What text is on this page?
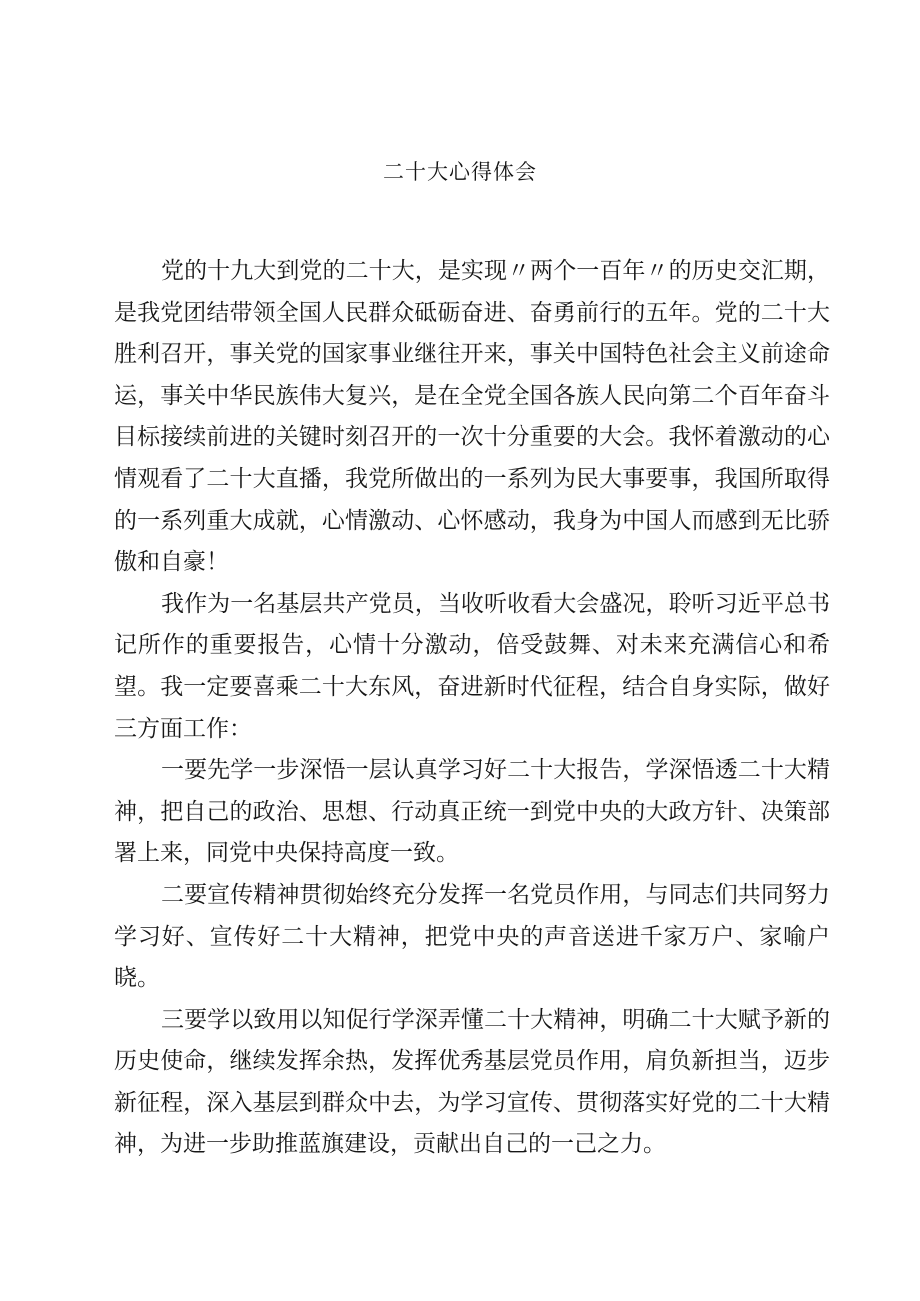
二十大心得体会

党的十九大到党的二十大，是实现〃两个一百年〃的历史交汇期，是我党团结带领全国人民群众砥砺奋进、奋勇前行的五年。党的二十大胜利召开，事关党的国家事业继往开来，事关中国特色社会主义前途命运，事关中华民族伟大复兴，是在全党全国各族人民向第二个百年奋斗目标接续前进的关键时刻召开的一次十分重要的大会。我怀着激动的心情观看了二十大直播，我党所做出的一系列为民大事要事，我国所取得的一系列重大成就，心情激动、心怀感动，我身为中国人而感到无比骄傲和自豪！

我作为一名基层共产党员，当收听收看大会盛况，聆听习近平总书记所作的重要报告，心情十分激动，倍受鼓舞、对未来充满信心和希望。我一定要喜乘二十大东风，奋进新时代征程，结合自身实际，做好三方面工作：

一要先学一步深悟一层认真学习好二十大报告，学深悟透二十大精神，把自己的政治、思想、行动真正统一到党中央的大政方针、决策部署上来，同党中央保持高度一致。

二要宣传精神贯彻始终充分发挥一名党员作用，与同志们共同努力学习好、宣传好二十大精神，把党中央的声音送进千家万户、家喻户晓。

三要学以致用以知促行学深弄懂二十大精神，明确二十大赋予新的历史使命，继续发挥余热，发挥优秀基层党员作用，肩负新担当，迈步新征程，深入基层到群众中去，为学习宣传、贯彻落实好党的二十大精神，为进一步助推蓝旗建设，贡献出自己的一己之力。
